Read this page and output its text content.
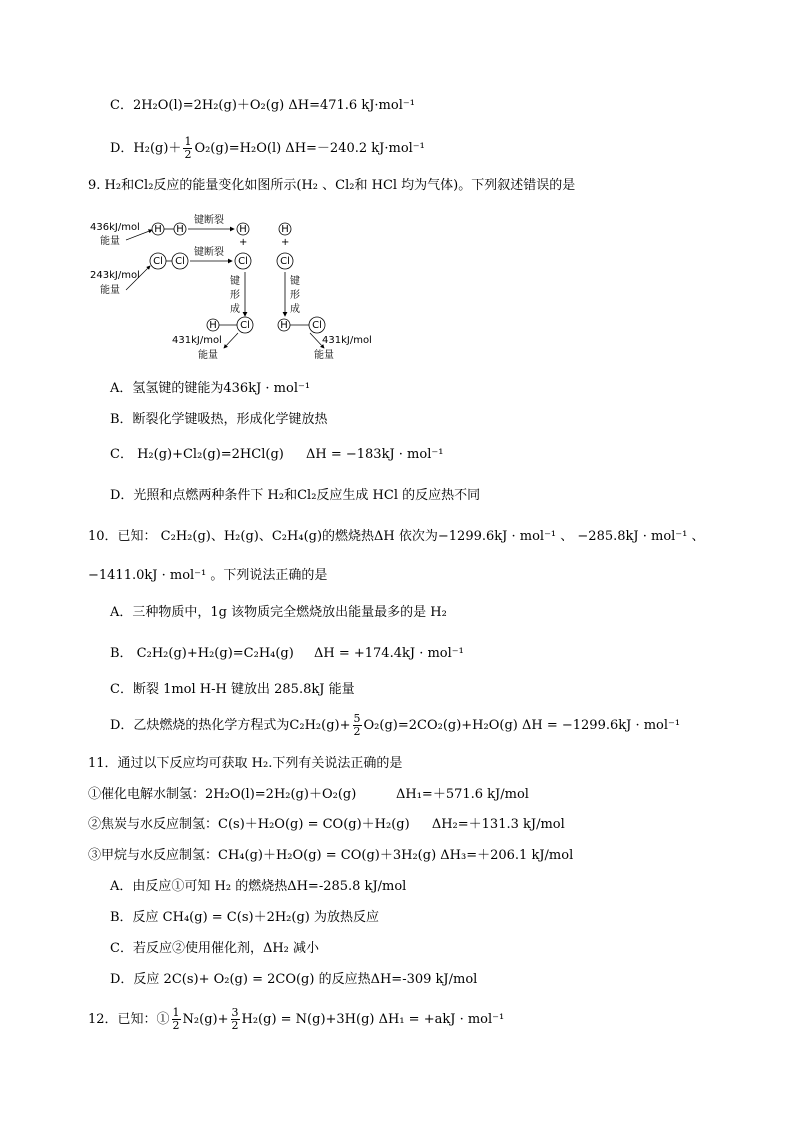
C．2H₂O(l)=2H₂(g)＋O₂(g) ΔH=471.6 kJ·mol⁻¹
D．$H_2(g)+ \frac{1}{2} O_2(g)=H_2O(l)$ ΔH=－240.2 kJ·mol⁻¹
9. H₂和Cl₂反应的能量变化如图所示(H₂ 、Cl₂和 HCl 均为气体)。下列叙述错误的是
H H
436kJ/mol
能量
键断裂
H
+
H
+
Cl Cl
243kJ/mol
能量
键断裂
Cl	Cl
键
形
成
键
形
成
H Cl
431kJ/mol
能量
H Cl
431kJ/mol
能量
A．氢氢键的键能为436kJ · mol⁻¹
B．断裂化学键吸热，形成化学键放热
C． H₂(g)+Cl₂(g)=2HCl(g) ΔH = −183kJ · mol⁻¹
D．光照和点燃两种条件下 H₂和Cl₂反应生成 HCl 的反应热不同
10．已知： C₂H₂(g)、H₂(g)、C₂H₄(g)的燃烧热ΔH 依次为−1299.6kJ · mol⁻¹ 、 −285.8kJ · mol⁻¹ 、
−1411.0kJ · mol⁻¹ 。下列说法正确的是
A．三种物质中，1g 该物质完全燃烧放出能量最多的是 H₂
B． C₂H₂(g)+H₂(g)=C₂H₄(g) ΔH = +174.4kJ · mol⁻¹
C．断裂 1mol H-H 键放出 285.8kJ 能量
D．乙炔燃烧的热化学方程式为$C_2H_2(g)+ \frac{5}{2} O_2(g)=2CO_2(g)+H_2O(g) \Delta H = -1299.6kJ \cdot mol^{-1}$
11．通过以下反应均可获取 H₂.下列有关说法正确的是
①催化电解水制氢：2H₂O(l)=2H₂(g)＋O₂(g)	ΔH₁=＋571.6 kJ/mol
②焦炭与水反应制氢：C(s)＋H₂O(g) = CO(g)＋H₂(g) ΔH₂=＋131.3 kJ/mol
③甲烷与水反应制氢：CH₄(g)＋H₂O(g) = CO(g)＋3H₂(g) ΔH₃=＋206.1 kJ/mol
A．由反应①可知 H₂ 的燃烧热ΔH=-285.8 kJ/mol
B．反应 CH₄(g) = C(s)＋2H₂(g) 为放热反应
C．若反应②使用催化剂，ΔH₂ 减小
D．反应 2C(s)+ O₂(g) = 2CO(g) 的反应热ΔH=-309 kJ/mol
12．已知：① $\frac{1}{2} N_2(g)+ \frac{3}{2} H_2(g) = N(g)+3H(g) \Delta H_1 = +akJ \cdot mol^{-1}$
